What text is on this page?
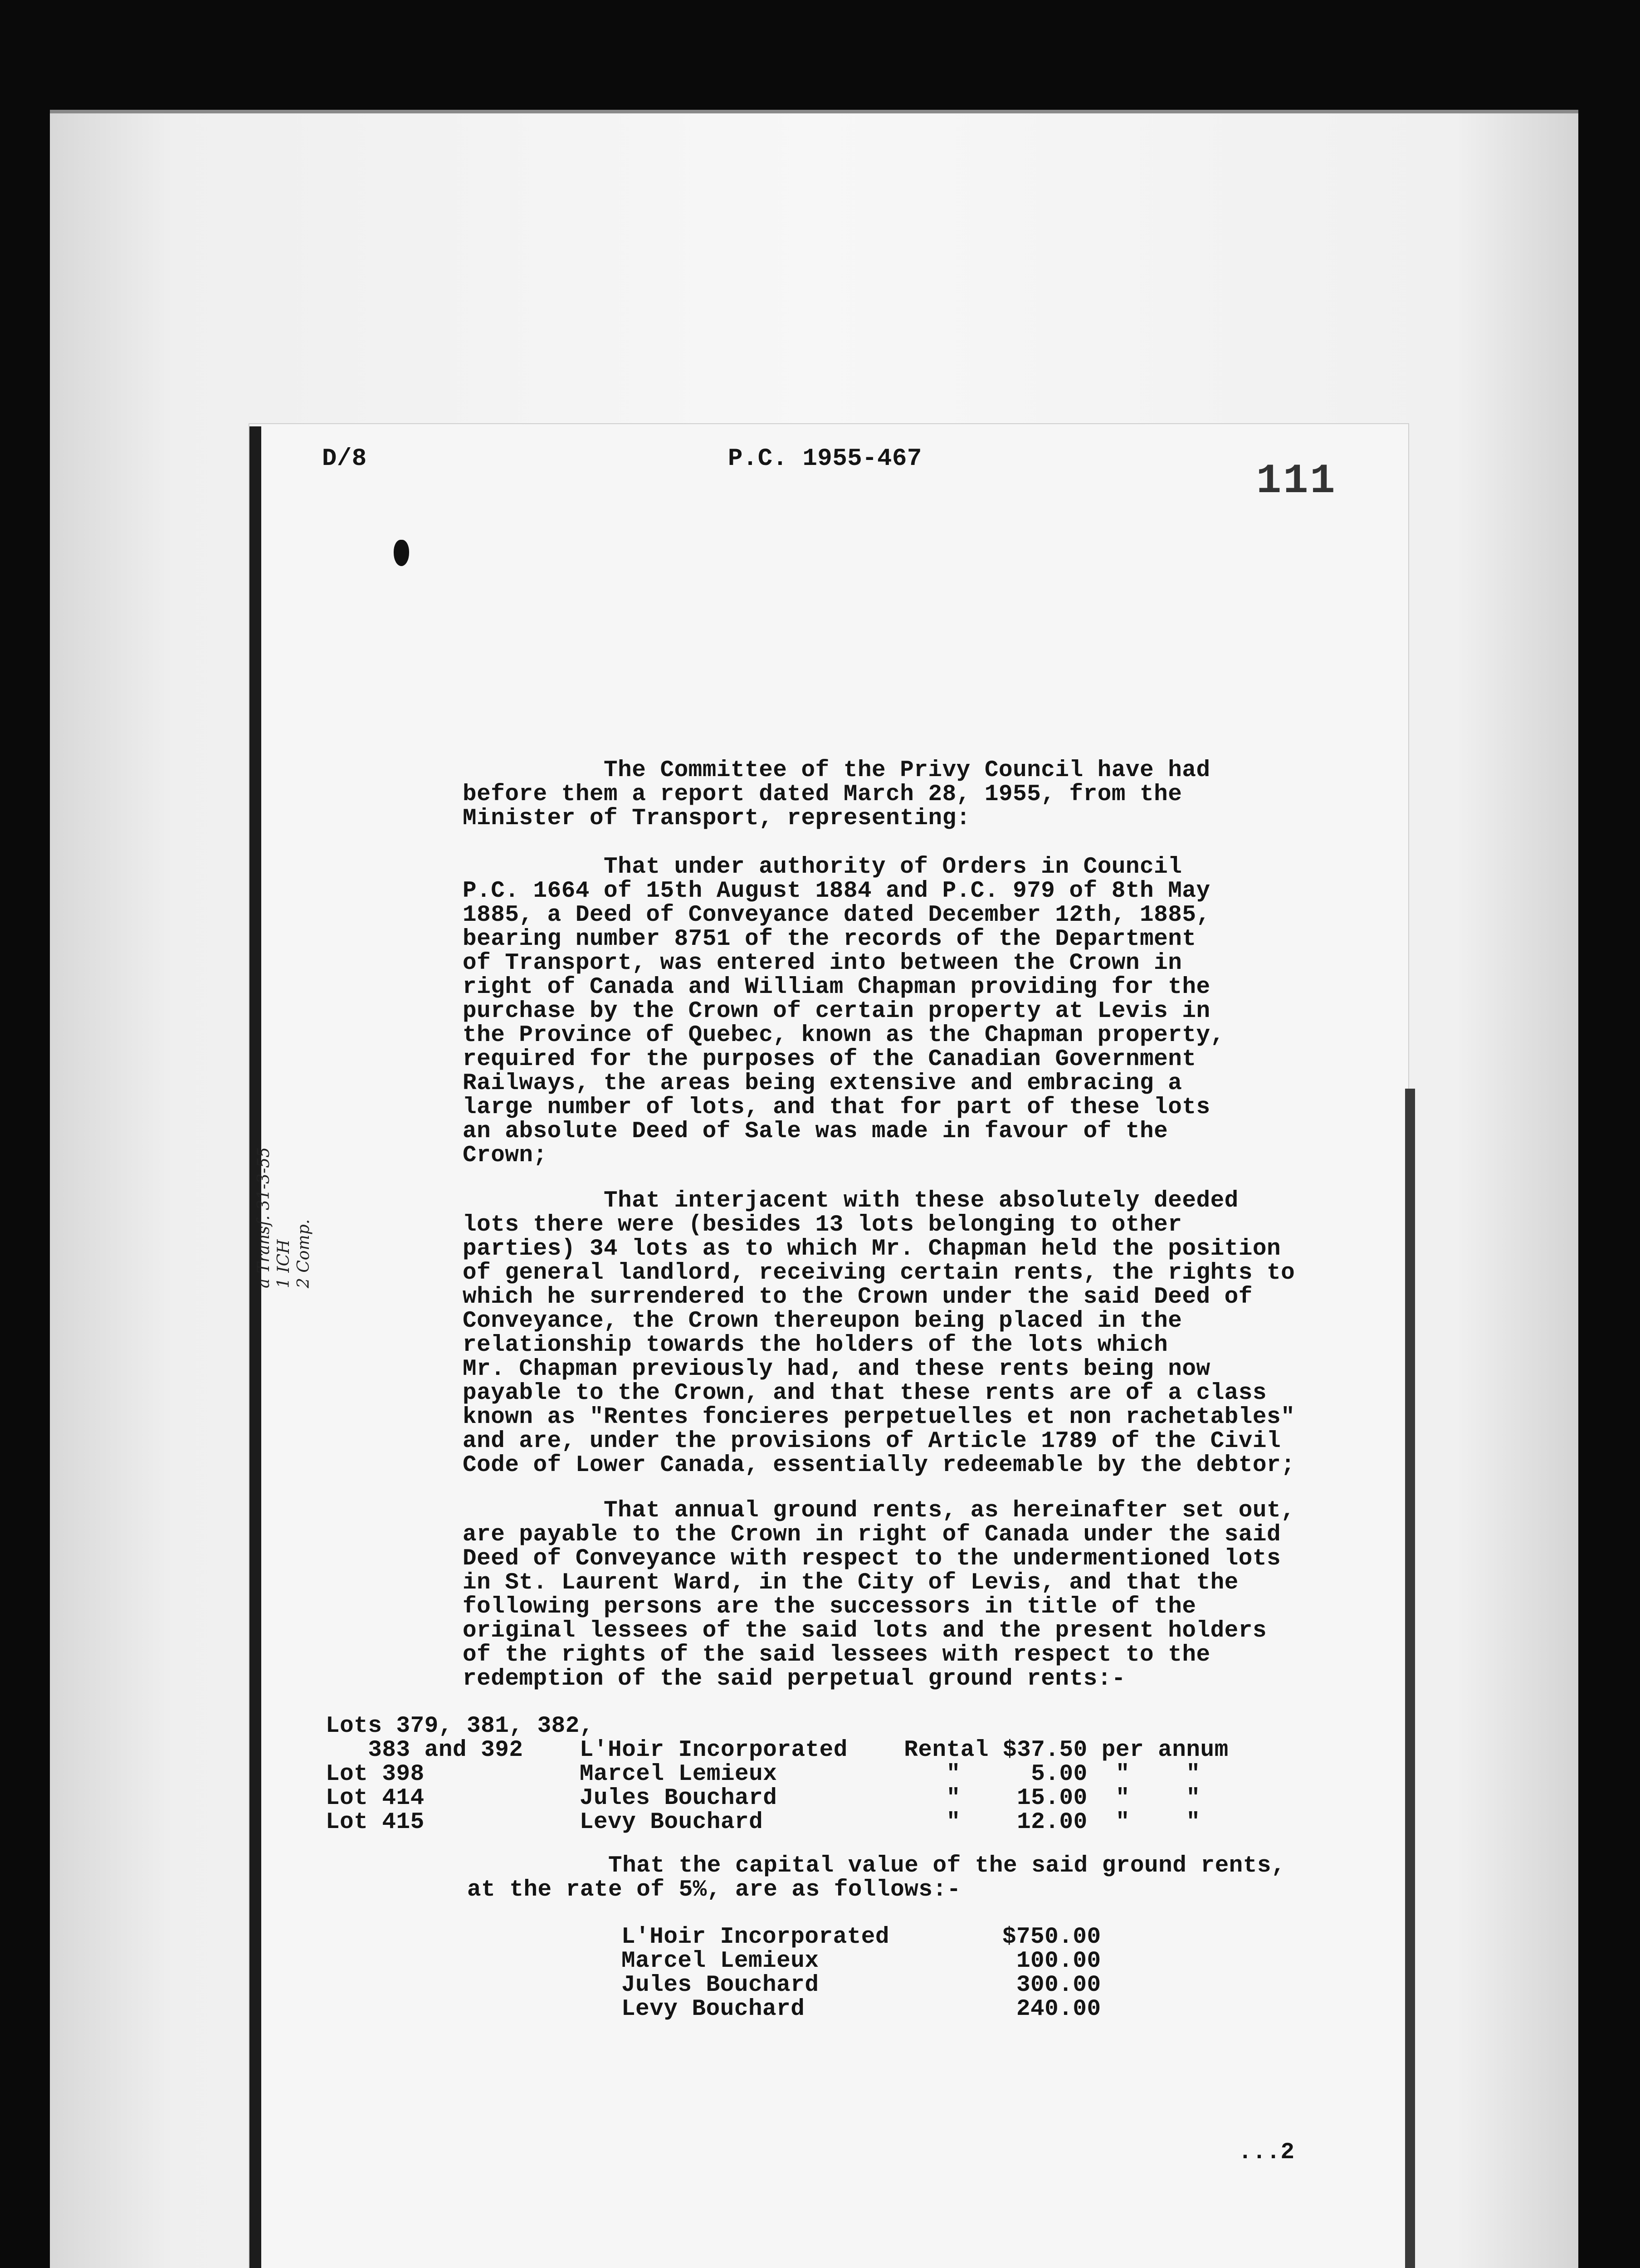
D/8	P.C. 1955-467	111

a Transf. 31-3-55
1 ICH
2 Comp.

The Committee of the Privy Council have had

before them a report dated March 28, 1955, from the

Minister of Transport, representing:

That under authority of Orders in Council

P.C. 1664 of 15th August 1884 and P.C. 979 of 8th May

1885, a Deed of Conveyance dated December 12th, 1885,

bearing number 8751 of the records of the Department

of Transport, was entered into between the Crown in

right of Canada and William Chapman providing for the

purchase by the Crown of certain property at Levis in

the Province of Quebec, known as the Chapman property,

required for the purposes of the Canadian Government

Railways, the areas being extensive and embracing a

large number of lots, and that for part of these lots

an absolute Deed of Sale was made in favour of the

Crown;

That interjacent with these absolutely deeded

lots there were (besides 13 lots belonging to other

parties) 34 lots as to which Mr. Chapman held the position

of general landlord, receiving certain rents, the rights to

which he surrendered to the Crown under the said Deed of

Conveyance, the Crown thereupon being placed in the

relationship towards the holders of the lots which

Mr. Chapman previously had, and these rents being now

payable to the Crown, and that these rents are of a class

known as "Rentes foncieres perpetuelles et non rachetables"

and are, under the provisions of Article 1789 of the Civil

Code of Lower Canada, essentially redeemable by the debtor;

That annual ground rents, as hereinafter set out,

are payable to the Crown in right of Canada under the said

Deed of Conveyance with respect to the undermentioned lots

in St. Laurent Ward, in the City of Levis, and that the

following persons are the successors in title of the

original lessees of the said lots and the present holders

of the rights of the said lessees with respect to the

redemption of the said perpetual ground rents:-

Lots 379, 381, 382,

383 and 392    L'Hoir Incorporated    Rental $37.50 per annum

Lot 398           Marcel Lemieux            "     5.00  "    "

Lot 414           Jules Bouchard            "    15.00  "    "

Lot 415           Levy Bouchard             "    12.00  "    "

That the capital value of the said ground rents,

at the rate of 5%, are as follows:-

L'Hoir Incorporated        $750.00

Marcel Lemieux              100.00

Jules Bouchard              300.00

Levy Bouchard               240.00

...2
